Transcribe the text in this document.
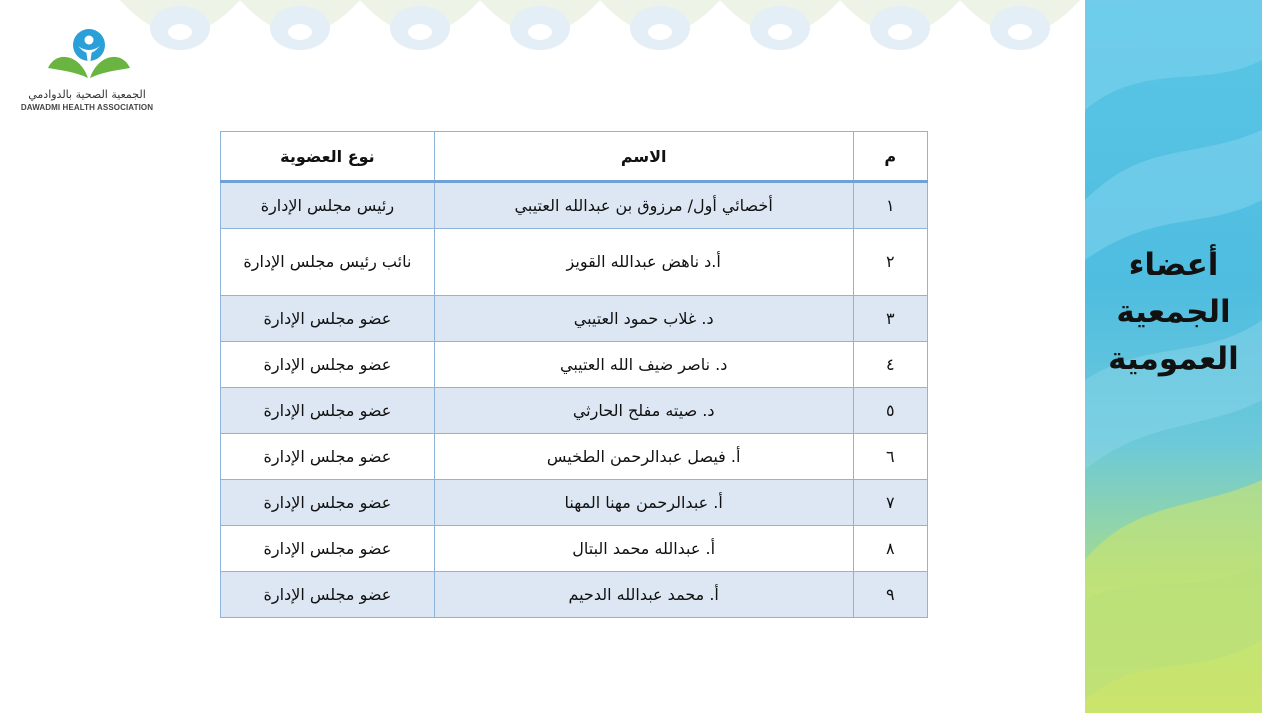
الجمعية الصحية بالدوادمي
DAWADMI HEALTH ASSOCIATION
م	الاسم	نوع العضوية
١	أخصائي أول/ مرزوق بن عبدالله العتيبي	رئيس مجلس الإدارة
٢	أ.د ناهض عبدالله القويز	نائب رئيس مجلس الإدارة
٣	د. غلاب حمود العتيبي	عضو مجلس الإدارة
٤	د. ناصر ضيف الله العتيبي	عضو مجلس الإدارة
٥	د. صيته مفلح الحارثي	عضو مجلس الإدارة
٦	أ. فيصل عبدالرحمن الطخيس	عضو مجلس الإدارة
٧	أ. عبدالرحمن مهنا المهنا	عضو مجلس الإدارة
٨	أ. عبدالله محمد البتال	عضو مجلس الإدارة
٩	أ. محمد عبدالله الدحيم	عضو مجلس الإدارة
أعضاء
الجمعية
العمومية
